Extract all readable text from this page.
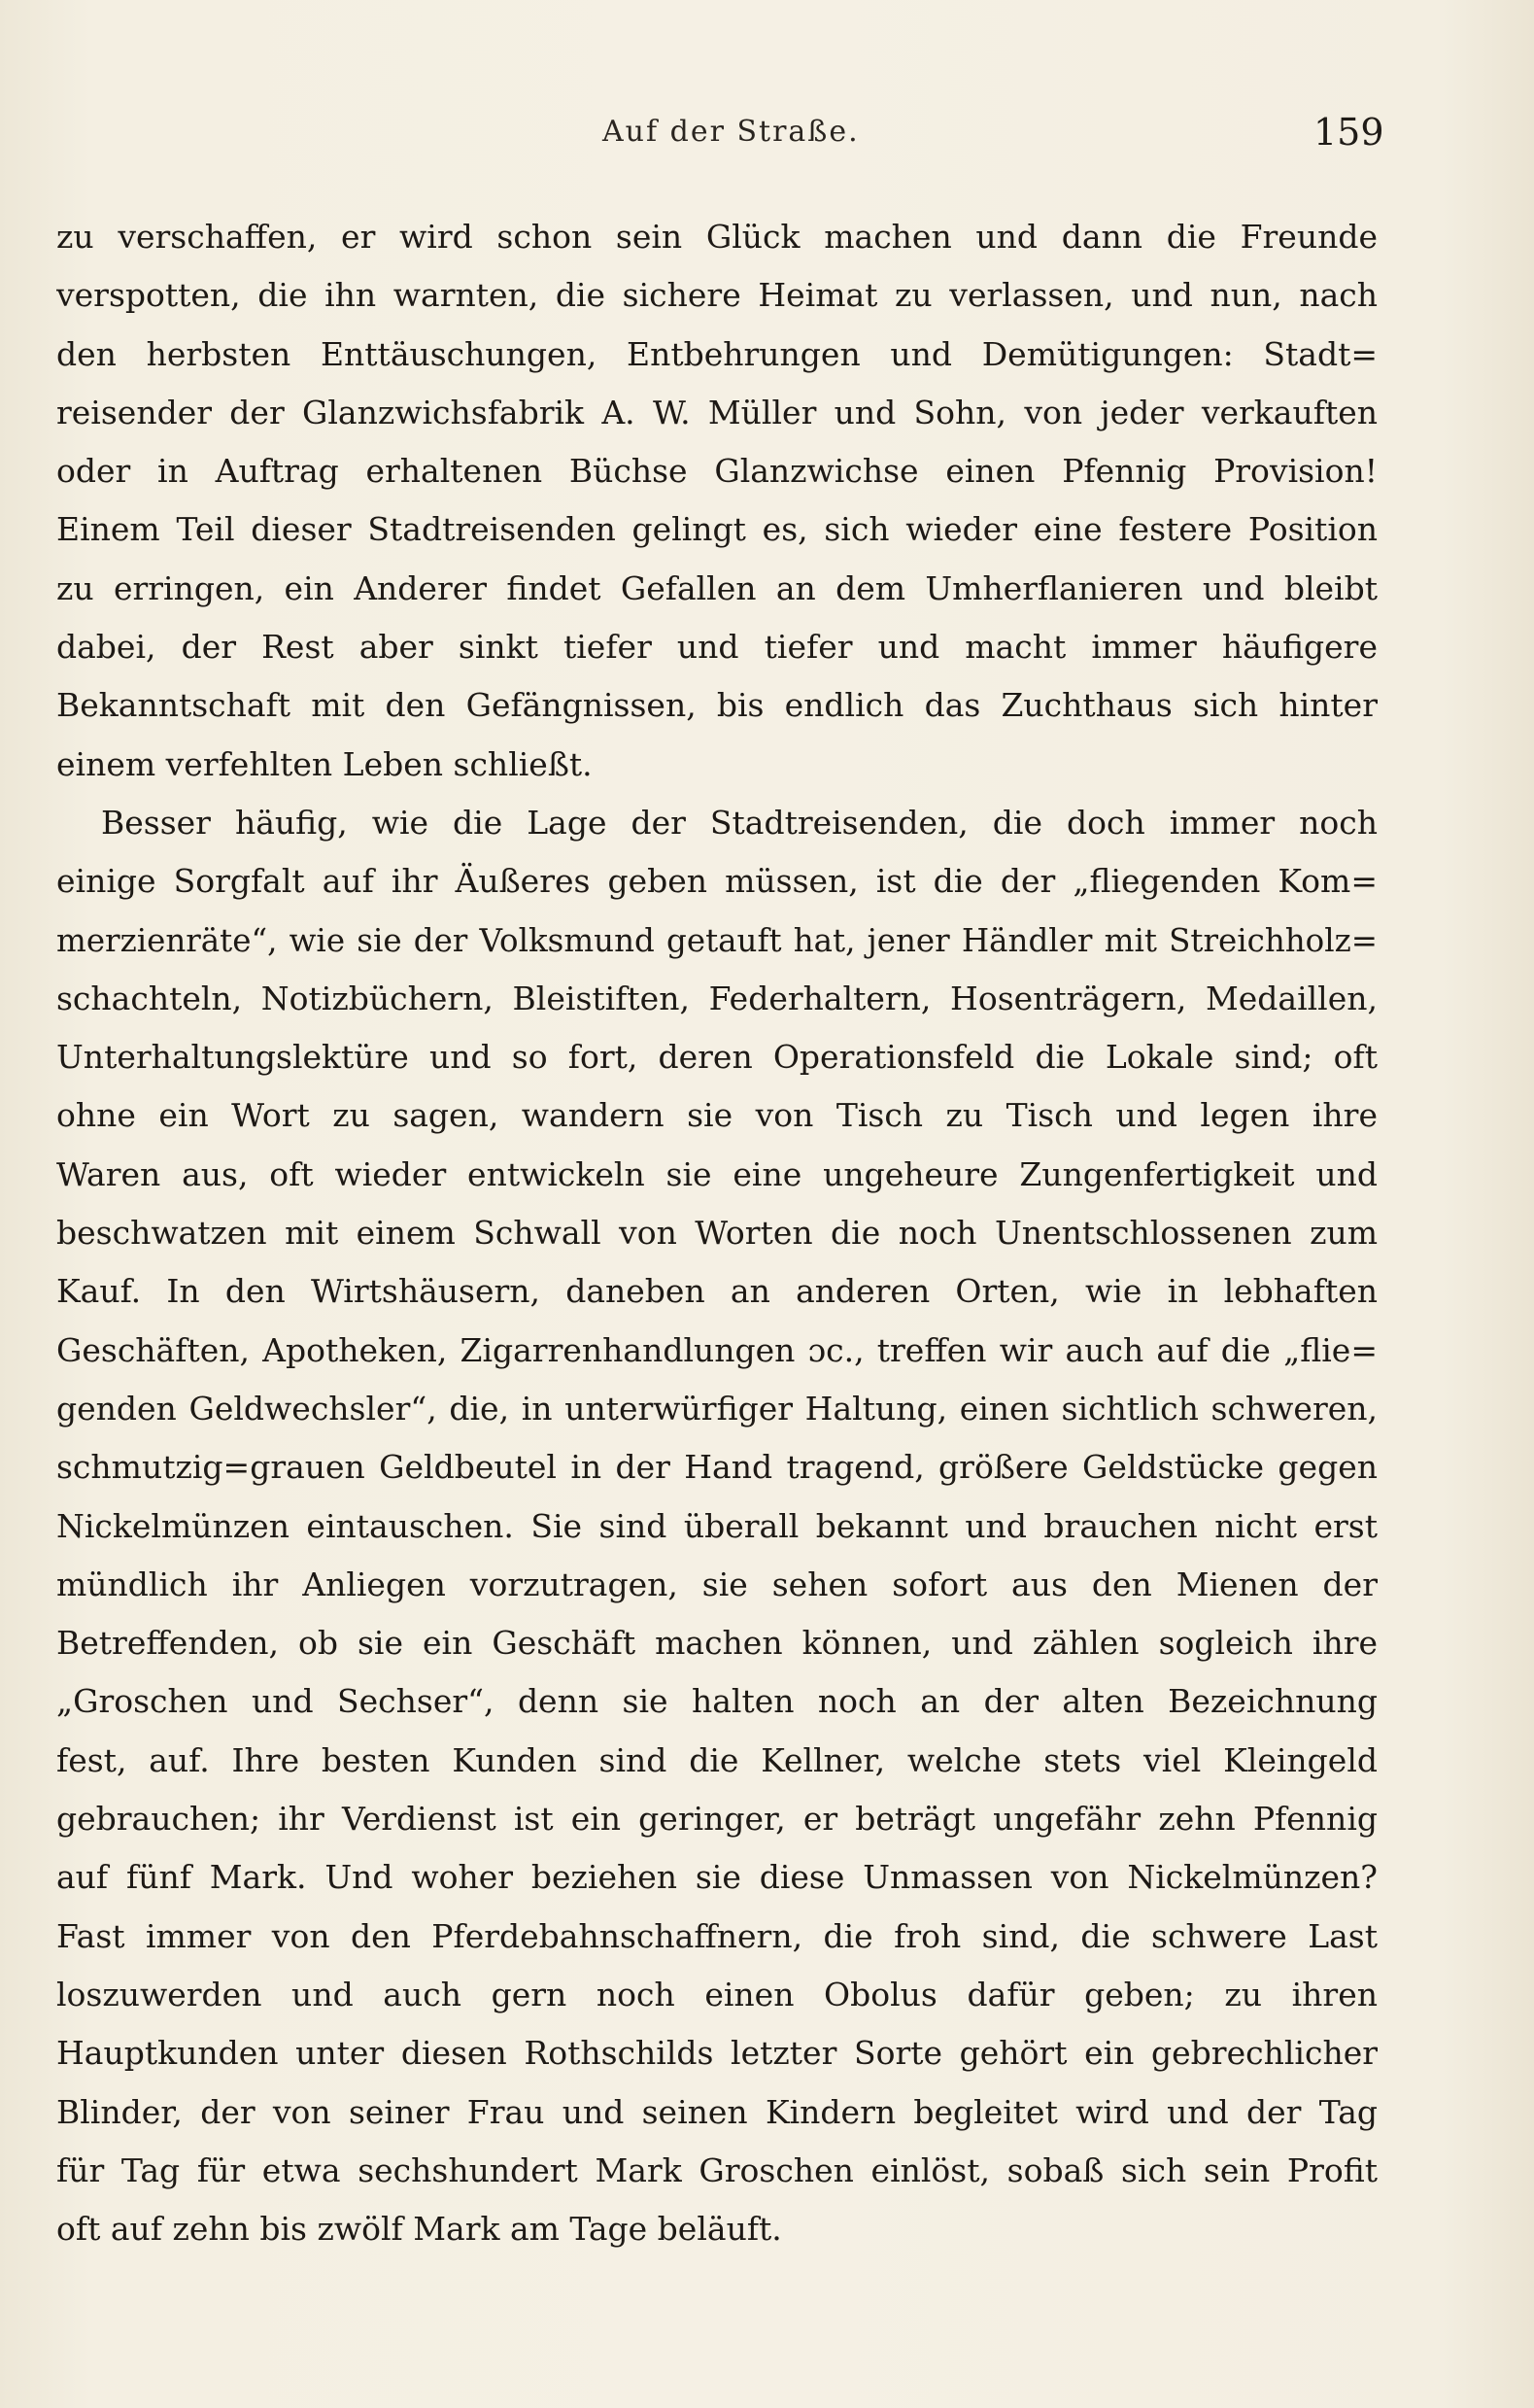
Auf der Straße.	159
zu verschaffen, er wird schon sein Glück machen und dann die Freunde
verspotten, die ihn warnten, die sichere Heimat zu verlassen, und nun, nach
den herbsten Enttäuschungen, Entbehrungen und Demütigungen: Stadt=
reisender der Glanzwichsfabrik A. W. Müller und Sohn, von jeder verkauften
oder in Auftrag erhaltenen Büchse Glanzwichse einen Pfennig Provision!
Einem Teil dieser Stadtreisenden gelingt es, sich wieder eine festere Position
zu erringen, ein Anderer findet Gefallen an dem Umherflanieren und bleibt
dabei, der Rest aber sinkt tiefer und tiefer und macht immer häufigere
Bekanntschaft mit den Gefängnissen, bis endlich das Zuchthaus sich hinter
einem verfehlten Leben schließt.
Besser häufig, wie die Lage der Stadtreisenden, die doch immer noch
einige Sorgfalt auf ihr Äußeres geben müssen, ist die der „fliegenden Kom=
merzienräte“, wie sie der Volksmund getauft hat, jener Händler mit Streichholz=
schachteln, Notizbüchern, Bleistiften, Federhaltern, Hosenträgern, Medaillen,
Unterhaltungslektüre und so fort, deren Operationsfeld die Lokale sind; oft
ohne ein Wort zu sagen, wandern sie von Tisch zu Tisch und legen ihre
Waren aus, oft wieder entwickeln sie eine ungeheure Zungenfertigkeit und
beschwatzen mit einem Schwall von Worten die noch Unentschlossenen zum
Kauf. In den Wirtshäusern, daneben an anderen Orten, wie in lebhaften
Geschäften, Apotheken, Zigarrenhandlungen ɔc., treffen wir auch auf die „flie=
genden Geldwechsler“, die, in unterwürfiger Haltung, einen sichtlich schweren,
schmutzig=grauen Geldbeutel in der Hand tragend, größere Geldstücke gegen
Nickelmünzen eintauschen. Sie sind überall bekannt und brauchen nicht erst
mündlich ihr Anliegen vorzutragen, sie sehen sofort aus den Mienen der
Betreffenden, ob sie ein Geschäft machen können, und zählen sogleich ihre
„Groschen und Sechser“, denn sie halten noch an der alten Bezeichnung
fest, auf. Ihre besten Kunden sind die Kellner, welche stets viel Kleingeld
gebrauchen; ihr Verdienst ist ein geringer, er beträgt ungefähr zehn Pfennig
auf fünf Mark. Und woher beziehen sie diese Unmassen von Nickelmünzen?
Fast immer von den Pferdebahnschaffnern, die froh sind, die schwere Last
loszuwerden und auch gern noch einen Obolus dafür geben; zu ihren
Hauptkunden unter diesen Rothschilds letzter Sorte gehört ein gebrechlicher
Blinder, der von seiner Frau und seinen Kindern begleitet wird und der Tag
für Tag für etwa sechshundert Mark Groschen einlöst, sobaß sich sein Profit
oft auf zehn bis zwölf Mark am Tage beläuft.
